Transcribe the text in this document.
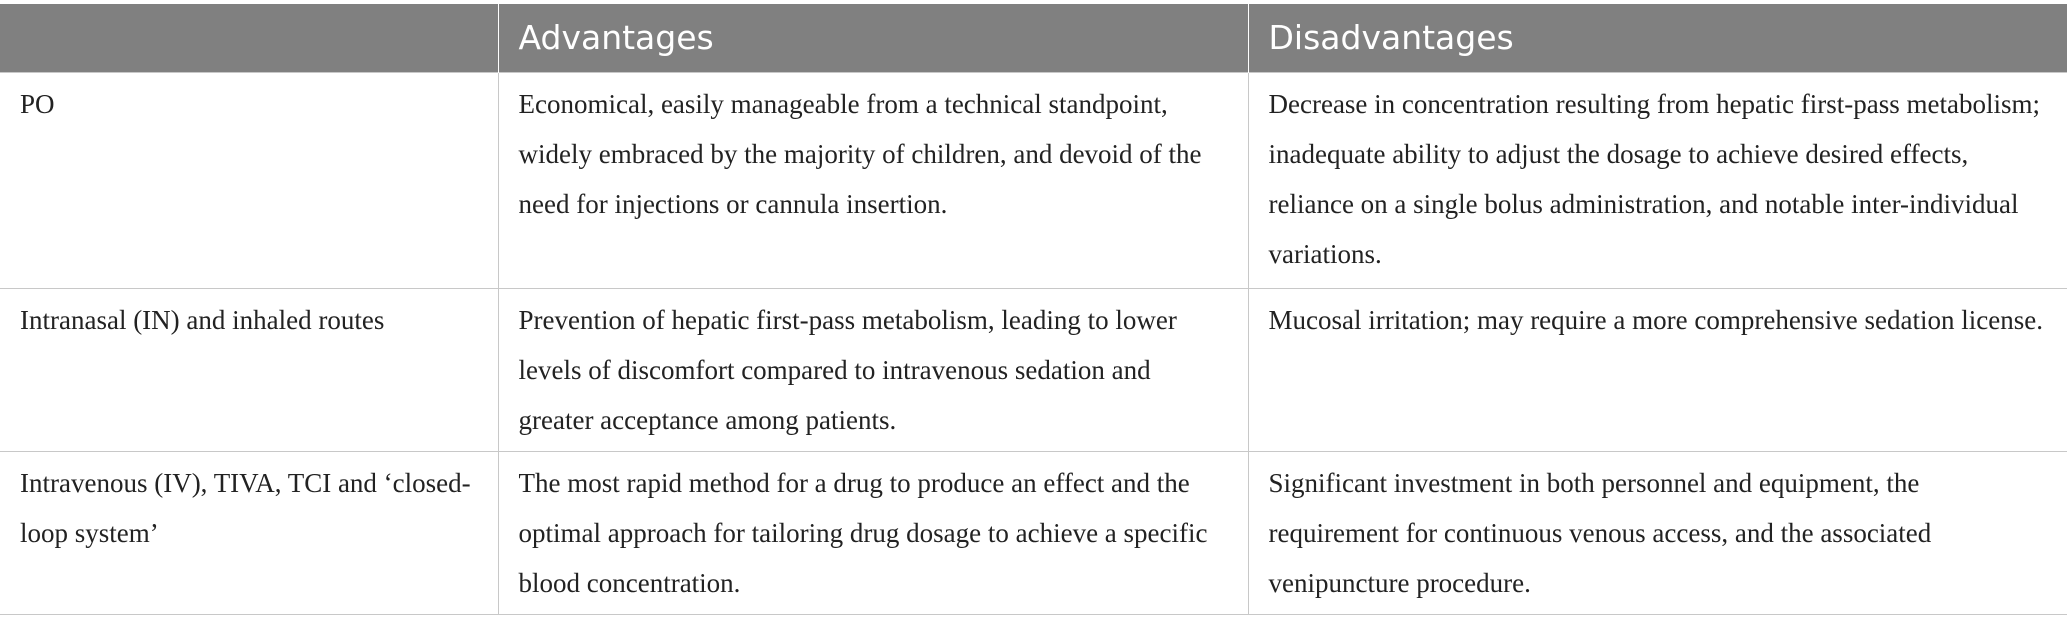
	Advantages	Disadvantages
PO	Economical, easily manageable from a technical standpoint, widely embraced by the majority of children, and devoid of the need for injections or cannula insertion.	Decrease in concentration resulting from hepatic first-pass metabolism; inadequate ability to adjust the dosage to achieve desired effects, reliance on a single bolus administration, and notable inter-individual variations.
Intranasal (IN) and inhaled routes	Prevention of hepatic first-pass metabolism, leading to lower levels of discomfort compared to intravenous sedation and greater acceptance among patients.	Mucosal irritation; may require a more comprehensive sedation license.
Intravenous (IV), TIVA, TCI and ‘closed-loop system’	The most rapid method for a drug to produce an effect and the optimal approach for tailoring drug dosage to achieve a specific blood concentration.	Significant investment in both personnel and equipment, the requirement for continuous venous access, and the associated venipuncture procedure.
